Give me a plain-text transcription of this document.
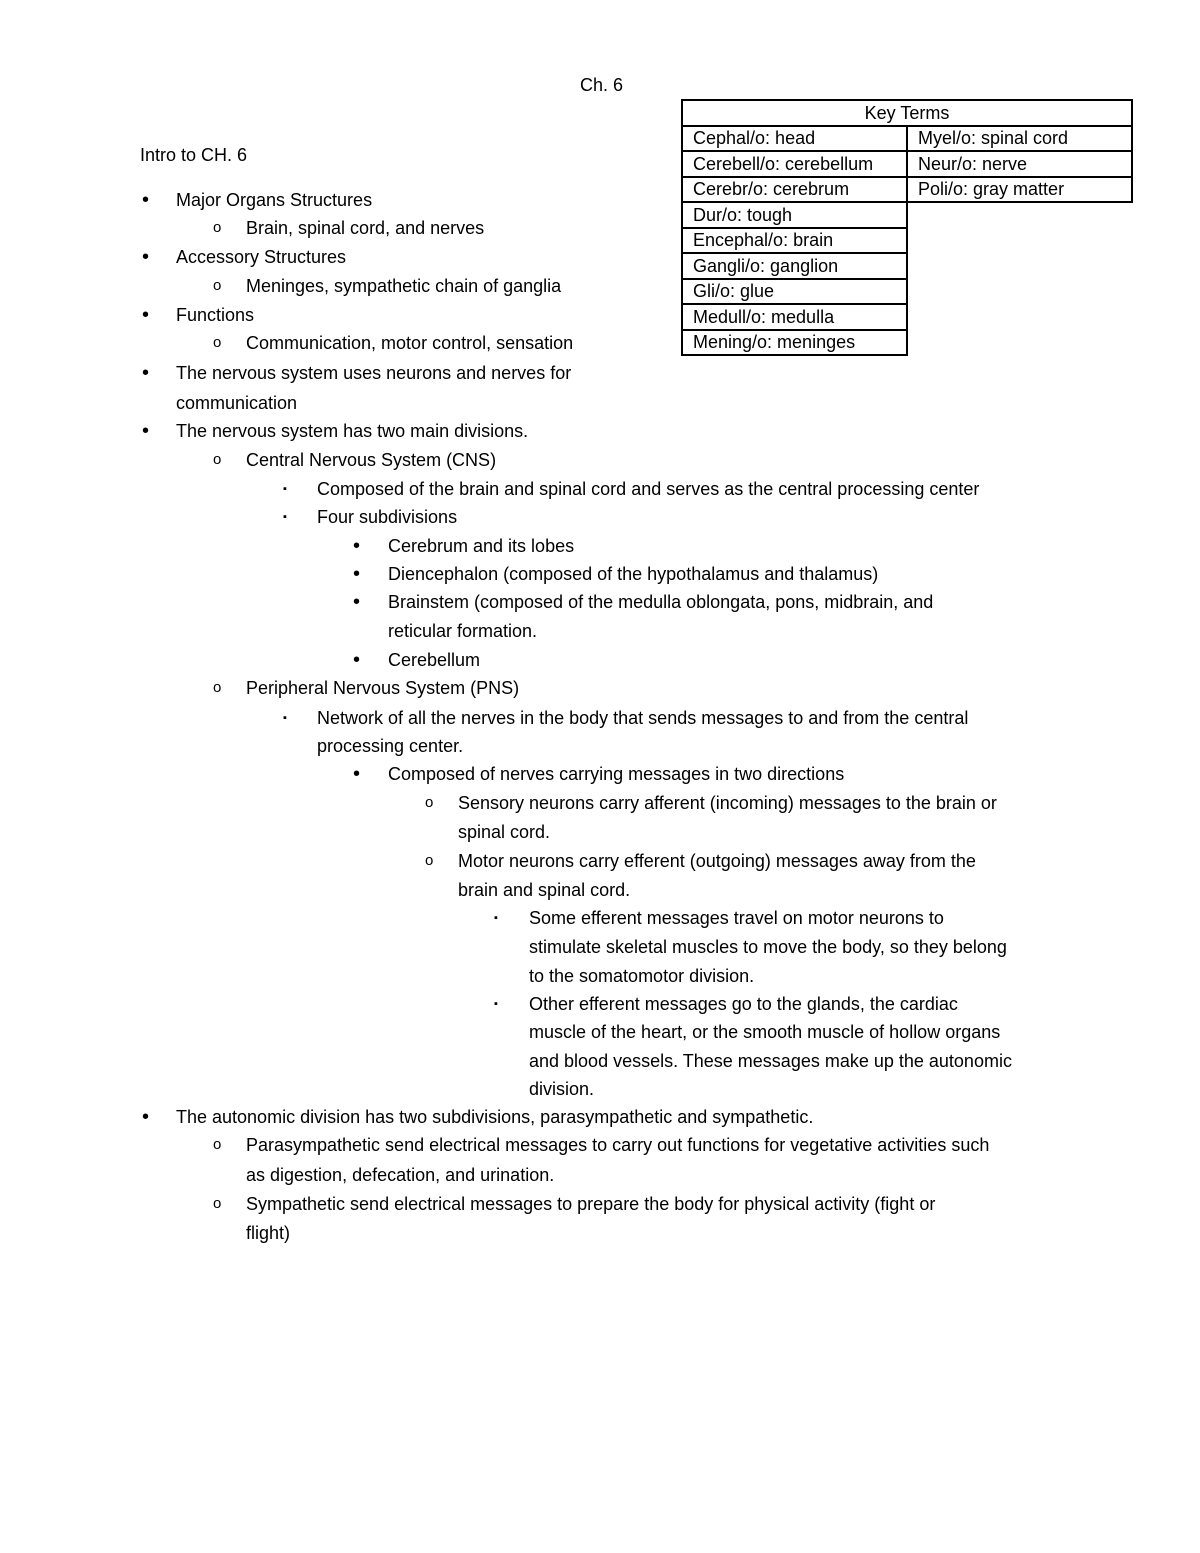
Ch. 6
Intro to CH. 6
Key Terms	
Cephal/o: head	Myel/o: spinal cord
Cerebell/o: cerebellum	Neur/o: nerve
Cerebr/o: cerebrum	Poli/o: gray matter
Dur/o: tough	
Encephal/o: brain	
Gangli/o: ganglion	
Gli/o: glue	
Medull/o: medulla	
Mening/o: meninges	
• Major Organs Structures
o Brain, spinal cord, and nerves
• Accessory Structures
o Meninges, sympathetic chain of ganglia
• Functions
o Communication, motor control, sensation
• The nervous system uses neurons and nerves for
communication
• The nervous system has two main divisions.
o Central Nervous System (CNS)
▪ Composed of the brain and spinal cord and serves as the central processing center
▪ Four subdivisions
• Cerebrum and its lobes
• Diencephalon (composed of the hypothalamus and thalamus)
• Brainstem (composed of the medulla oblongata, pons, midbrain, and
reticular formation.
• Cerebellum
o Peripheral Nervous System (PNS)
▪ Network of all the nerves in the body that sends messages to and from the central
processing center.
• Composed of nerves carrying messages in two directions
o Sensory neurons carry afferent (incoming) messages to the brain or
spinal cord.
o Motor neurons carry efferent (outgoing) messages away from the
brain and spinal cord.
▪ Some efferent messages travel on motor neurons to
stimulate skeletal muscles to move the body, so they belong
to the somatomotor division.
▪ Other efferent messages go to the glands, the cardiac
muscle of the heart, or the smooth muscle of hollow organs
and blood vessels. These messages make up the autonomic
division.
• The autonomic division has two subdivisions, parasympathetic and sympathetic.
o Parasympathetic send electrical messages to carry out functions for vegetative activities such
as digestion, defecation, and urination.
o Sympathetic send electrical messages to prepare the body for physical activity (fight or
flight)
